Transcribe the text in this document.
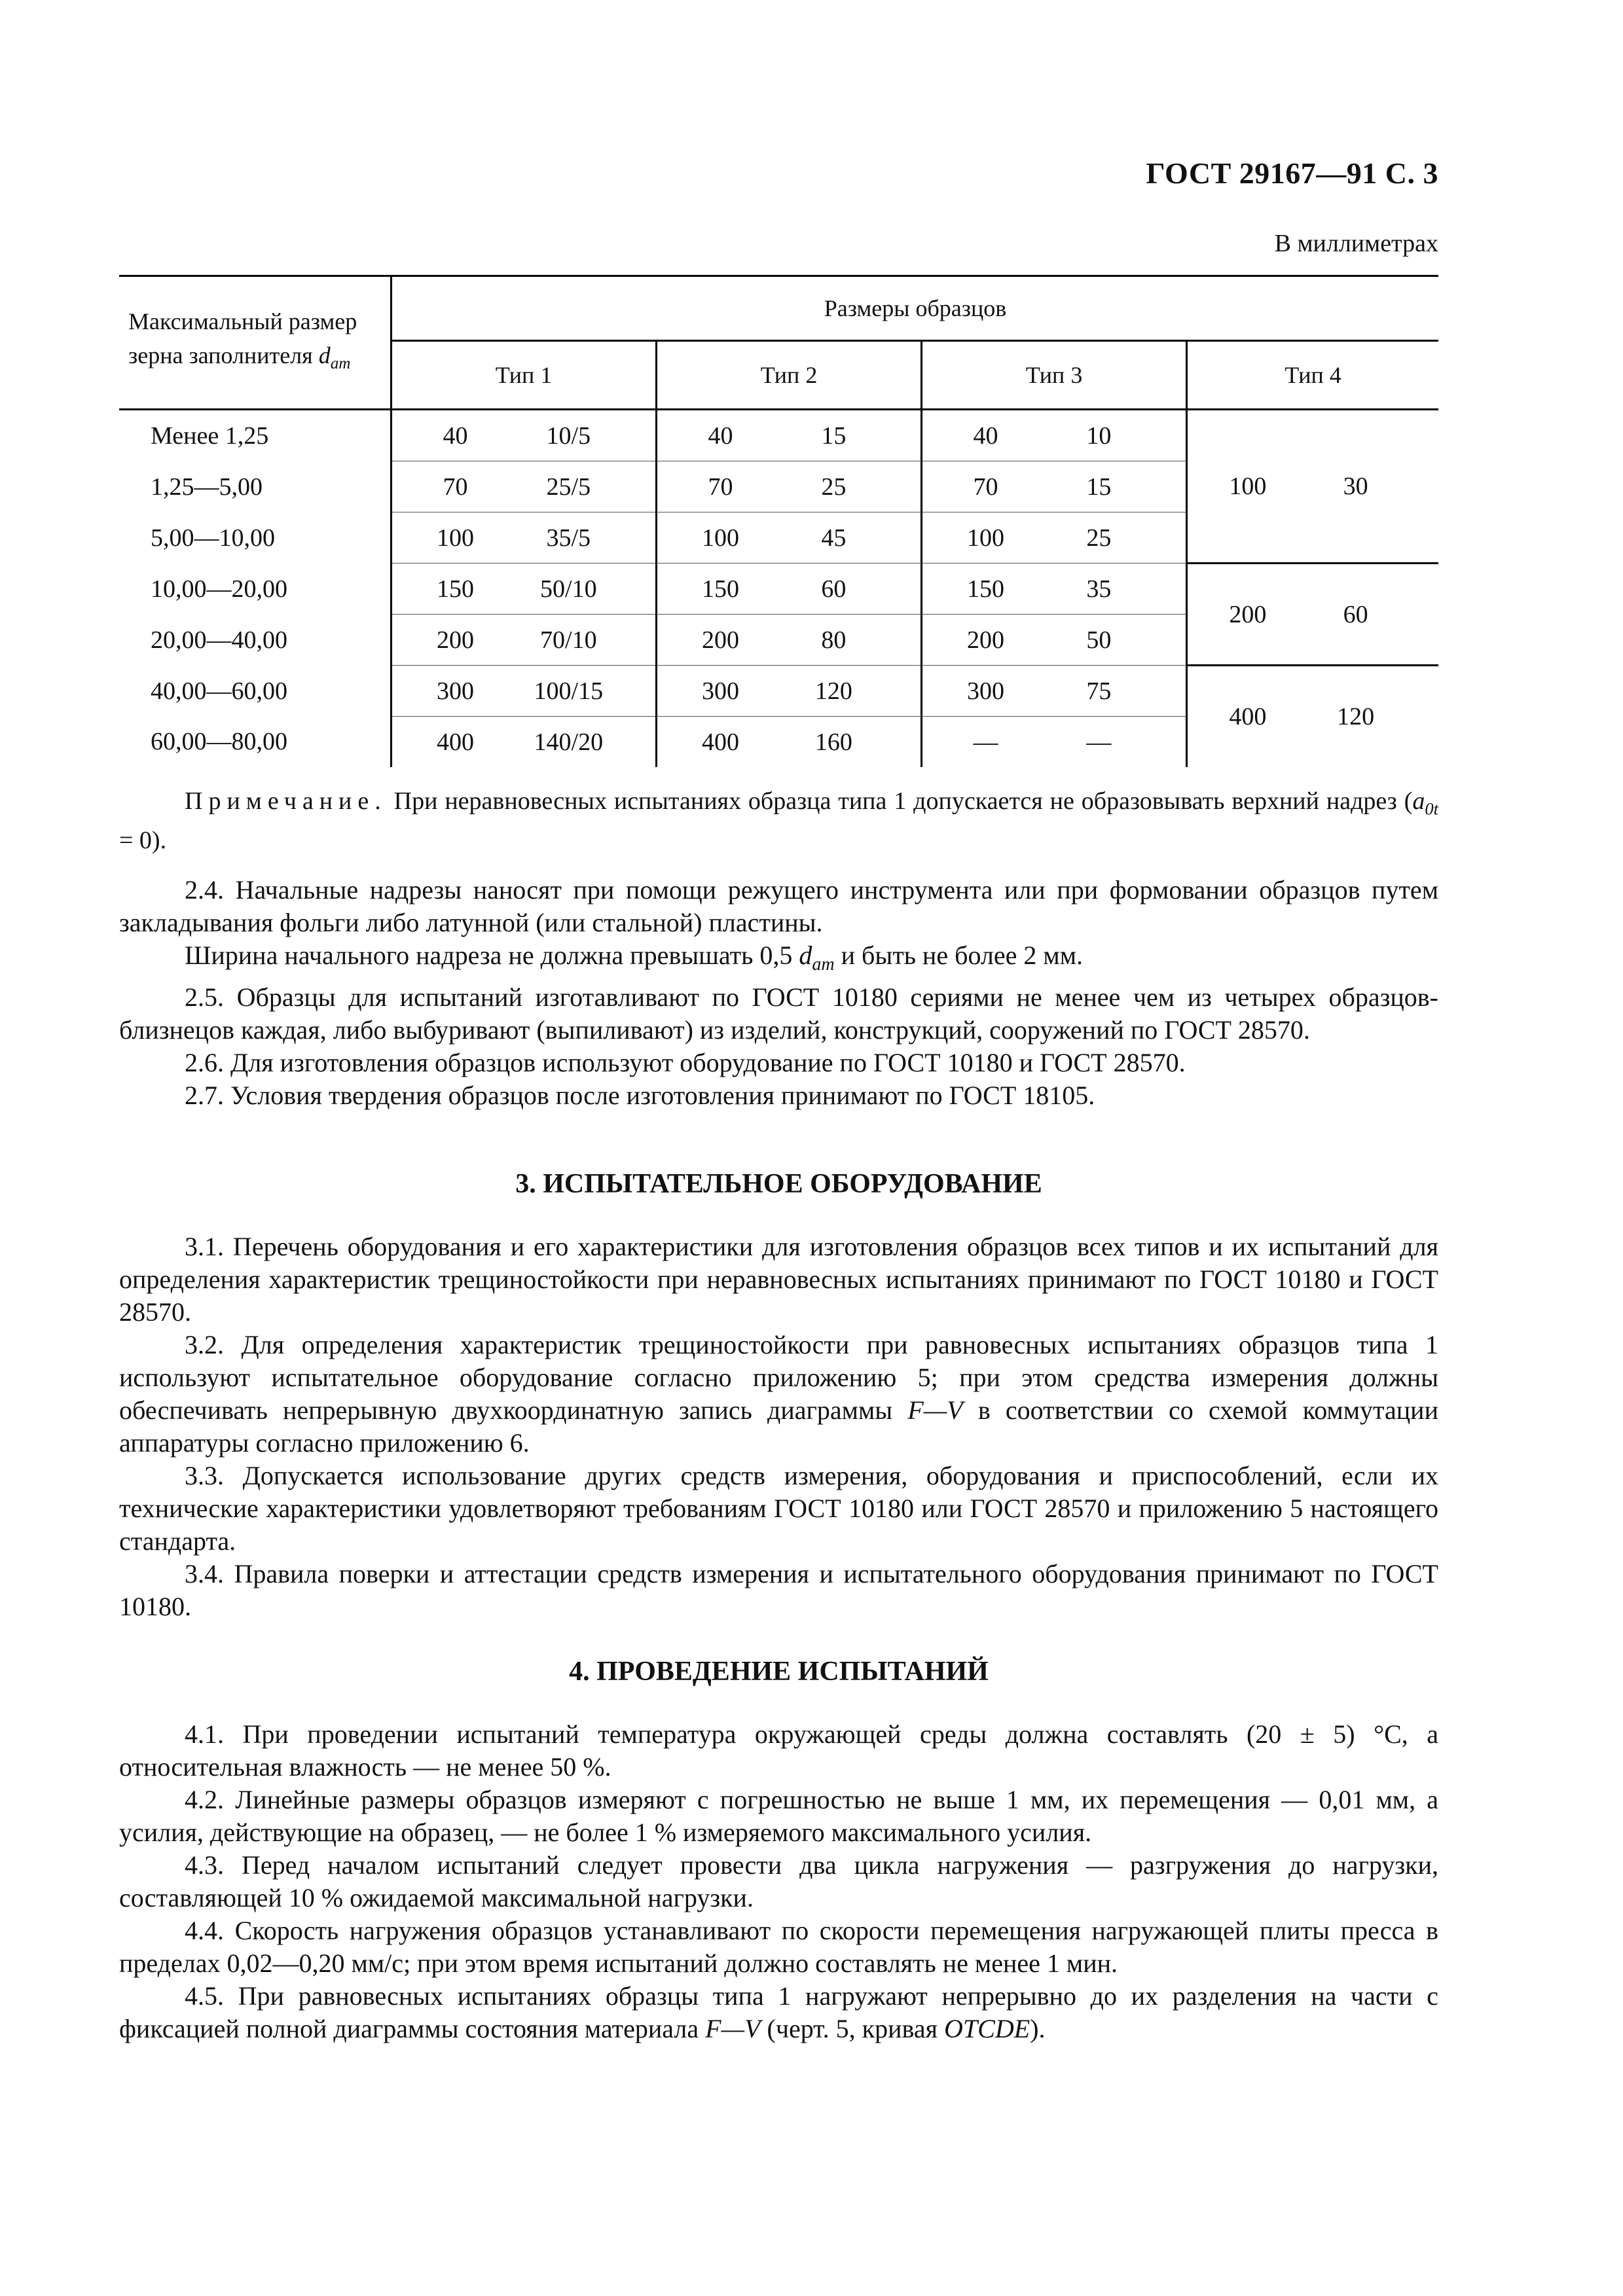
ГОСТ 29167—91 С. 3
В миллиметрах
Максимальный размер зерна заполнителя $d_{am}$	Размеры образцов			
	Тип 1	Тип 2	Тип 3	Тип 4
Менее 1,25	40 10/5	40 15	40 10	100 30

1,25—5,00	70 25/5	70 25	70 15	

5,00—10,00	100 35/5	100 45	100 25	

10,00—20,00	150 50/10	150 60	150 35	200 60

20,00—40,00	200 70/10	200 80	200 50	

40,00—60,00	300 100/15	300 120	300 75	400 120

60,00—80,00	400 140/20	400 160	— —	

Примечание. При неравновесных испытаниях образца типа 1 допускается не образовывать верхний надрез $(a_{0t} = 0)$.

2.4. Начальные надрезы наносят при помощи режущего инструмента или при формовании образцов путем закладывания фольги либо латунной (или стальной) пластины.

Ширина начального надреза не должна превышать 0,5 $d_{am}$ и быть не более 2 мм.

2.5. Образцы для испытаний изготавливают по ГОСТ 10180 сериями не менее чем из четырех образцов-близнецов каждая, либо выбуривают (выпиливают) из изделий, конструкций, сооружений по ГОСТ 28570.

2.6. Для изготовления образцов используют оборудование по ГОСТ 10180 и ГОСТ 28570.

2.7. Условия твердения образцов после изготовления принимают по ГОСТ 18105.

3. ИСПЫТАТЕЛЬНОЕ ОБОРУДОВАНИЕ

3.1. Перечень оборудования и его характеристики для изготовления образцов всех типов и их испытаний для определения характеристик трещиностойкости при неравновесных испытаниях принимают по ГОСТ 10180 и ГОСТ 28570.

3.2. Для определения характеристик трещиностойкости при равновесных испытаниях образцов типа 1 используют испытательное оборудование согласно приложению 5; при этом средства измерения должны обеспечивать непрерывную двухкоординатную запись диаграммы F—V в соответствии со схемой коммутации аппаратуры согласно приложению 6.

3.3. Допускается использование других средств измерения, оборудования и приспособлений, если их технические характеристики удовлетворяют требованиям ГОСТ 10180 или ГОСТ 28570 и приложению 5 настоящего стандарта.

3.4. Правила поверки и аттестации средств измерения и испытательного оборудования принимают по ГОСТ 10180.

4. ПРОВЕДЕНИЕ ИСПЫТАНИЙ

4.1. При проведении испытаний температура окружающей среды должна составлять (20 ± 5) °С, а относительная влажность — не менее 50 %.

4.2. Линейные размеры образцов измеряют с погрешностью не выше 1 мм, их перемещения — 0,01 мм, а усилия, действующие на образец, — не более 1 % измеряемого максимального усилия.

4.3. Перед началом испытаний следует провести два цикла нагружения — разгружения до нагрузки, составляющей 10 % ожидаемой максимальной нагрузки.

4.4. Скорость нагружения образцов устанавливают по скорости перемещения нагружающей плиты пресса в пределах 0,02—0,20 мм/с; при этом время испытаний должно составлять не менее 1 мин.

4.5. При равновесных испытаниях образцы типа 1 нагружают непрерывно до их разделения на части с фиксацией полной диаграммы состояния материала F—V (черт. 5, кривая OTCDE).
